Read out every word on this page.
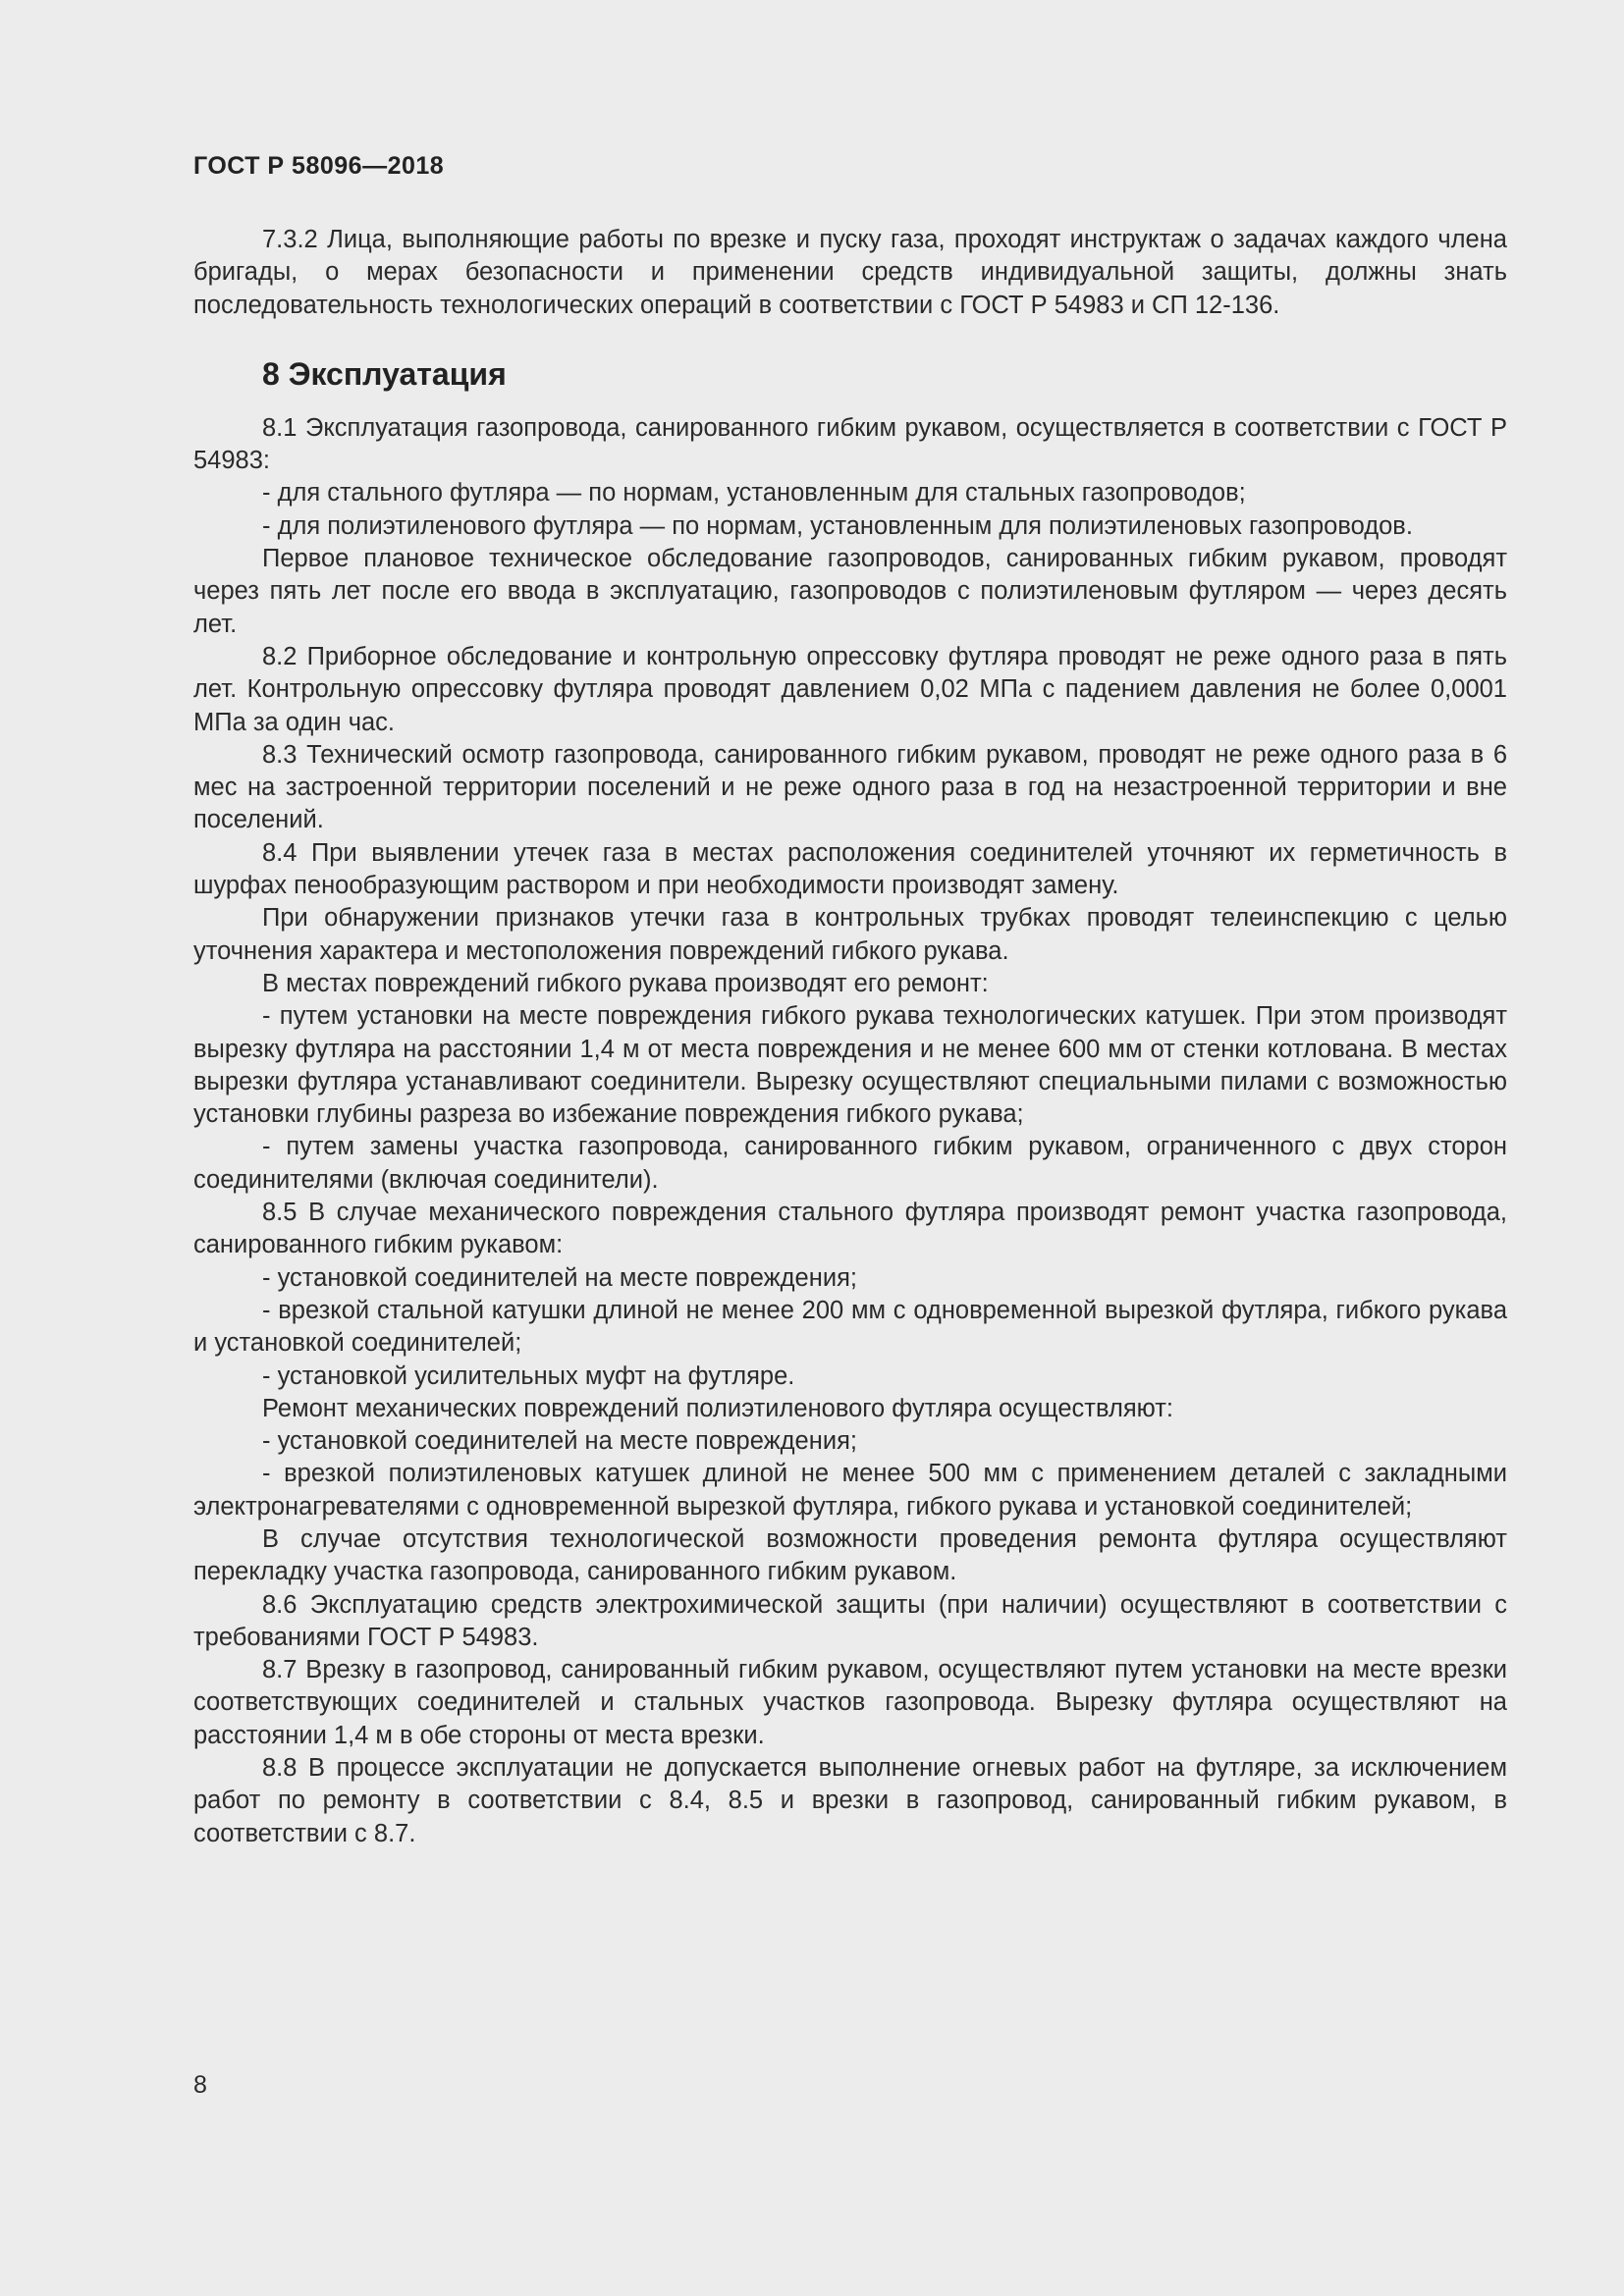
ГОСТ Р 58096—2018

7.3.2 Лица, выполняющие работы по врезке и пуску газа, проходят инструктаж о задачах каждого члена бригады, о мерах безопасности и применении средств индивидуальной защиты, должны знать последовательность технологических операций в соответствии с ГОСТ Р 54983 и СП 12-136.

8 Эксплуатация

8.1 Эксплуатация газопровода, санированного гибким рукавом, осуществляется в соответствии с ГОСТ Р 54983:

- для стального футляра — по нормам, установленным для стальных газопроводов;

- для полиэтиленового футляра — по нормам, установленным для полиэтиленовых газопроводов.

Первое плановое техническое обследование газопроводов, санированных гибким рукавом, проводят через пять лет после его ввода в эксплуатацию, газопроводов с полиэтиленовым футляром — через десять лет.

8.2 Приборное обследование и контрольную опрессовку футляра проводят не реже одного раза в пять лет. Контрольную опрессовку футляра проводят давлением 0,02 МПа с падением давления не более 0,0001 МПа за один час.

8.3 Технический осмотр газопровода, санированного гибким рукавом, проводят не реже одного раза в 6 мес на застроенной территории поселений и не реже одного раза в год на незастроенной территории и вне поселений.

8.4 При выявлении утечек газа в местах расположения соединителей уточняют их герметичность в шурфах пенообразующим раствором и при необходимости производят замену.

При обнаружении признаков утечки газа в контрольных трубках проводят телеинспекцию с целью уточнения характера и местоположения повреждений гибкого рукава.

В местах повреждений гибкого рукава производят его ремонт:

- путем установки на месте повреждения гибкого рукава технологических катушек. При этом производят вырезку футляра на расстоянии 1,4 м от места повреждения и не менее 600 мм от стенки котлована. В местах вырезки футляра устанавливают соединители. Вырезку осуществляют специальными пилами с возможностью установки глубины разреза во избежание повреждения гибкого рукава;

- путем замены участка газопровода, санированного гибким рукавом, ограниченного с двух сторон соединителями (включая соединители).

8.5 В случае механического повреждения стального футляра производят ремонт участка газопровода, санированного гибким рукавом:

- установкой соединителей на месте повреждения;

- врезкой стальной катушки длиной не менее 200 мм с одновременной вырезкой футляра, гибкого рукава и установкой соединителей;

- установкой усилительных муфт на футляре.

Ремонт механических повреждений полиэтиленового футляра осуществляют:

- установкой соединителей на месте повреждения;

- врезкой полиэтиленовых катушек длиной не менее 500 мм с применением деталей с закладными электронагревателями с одновременной вырезкой футляра, гибкого рукава и установкой соединителей;

В случае отсутствия технологической возможности проведения ремонта футляра осуществляют перекладку участка газопровода, санированного гибким рукавом.

8.6 Эксплуатацию средств электрохимической защиты (при наличии) осуществляют в соответствии с требованиями ГОСТ Р 54983.

8.7 Врезку в газопровод, санированный гибким рукавом, осуществляют путем установки на месте врезки соответствующих соединителей и стальных участков газопровода. Вырезку футляра осуществляют на расстоянии 1,4 м в обе стороны от места врезки.

8.8 В процессе эксплуатации не допускается выполнение огневых работ на футляре, за исключением работ по ремонту в соответствии с 8.4, 8.5 и врезки в газопровод, санированный гибким рукавом, в соответствии с 8.7.

8
